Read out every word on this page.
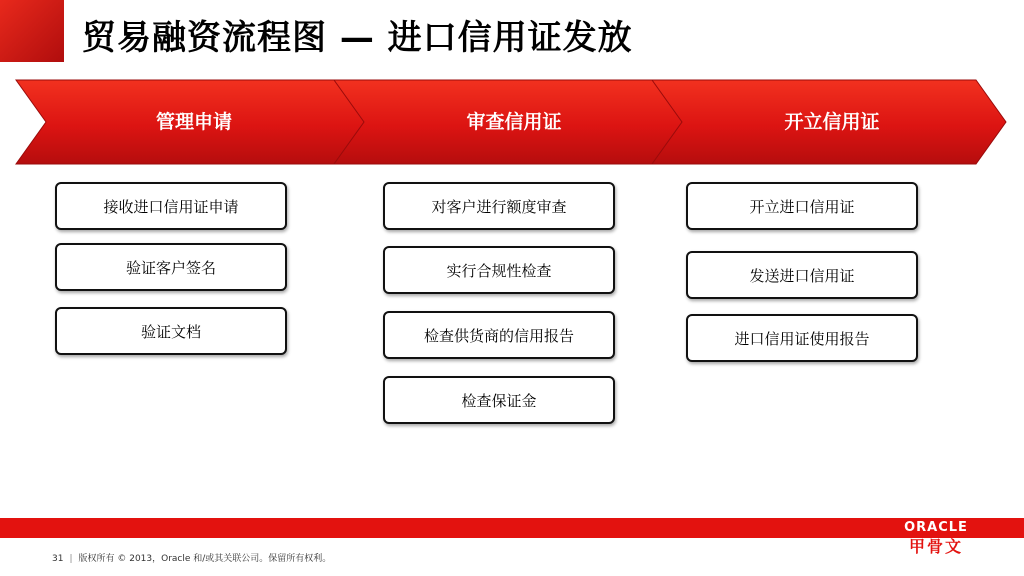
贸易融资流程图 — 进口信用证发放
管理申请	审查信用证	开立信用证
接收进口信用证申请
验证客户签名
验证文档
对客户进行额度审查
实行合规性检查
检查供货商的信用报告
检查保证金
开立进口信用证
发送进口信用证
进口信用证使用报告
ORACLE
甲骨文
31 | 版权所有 © 2013，Oracle 和/或其关联公司。保留所有权利。
